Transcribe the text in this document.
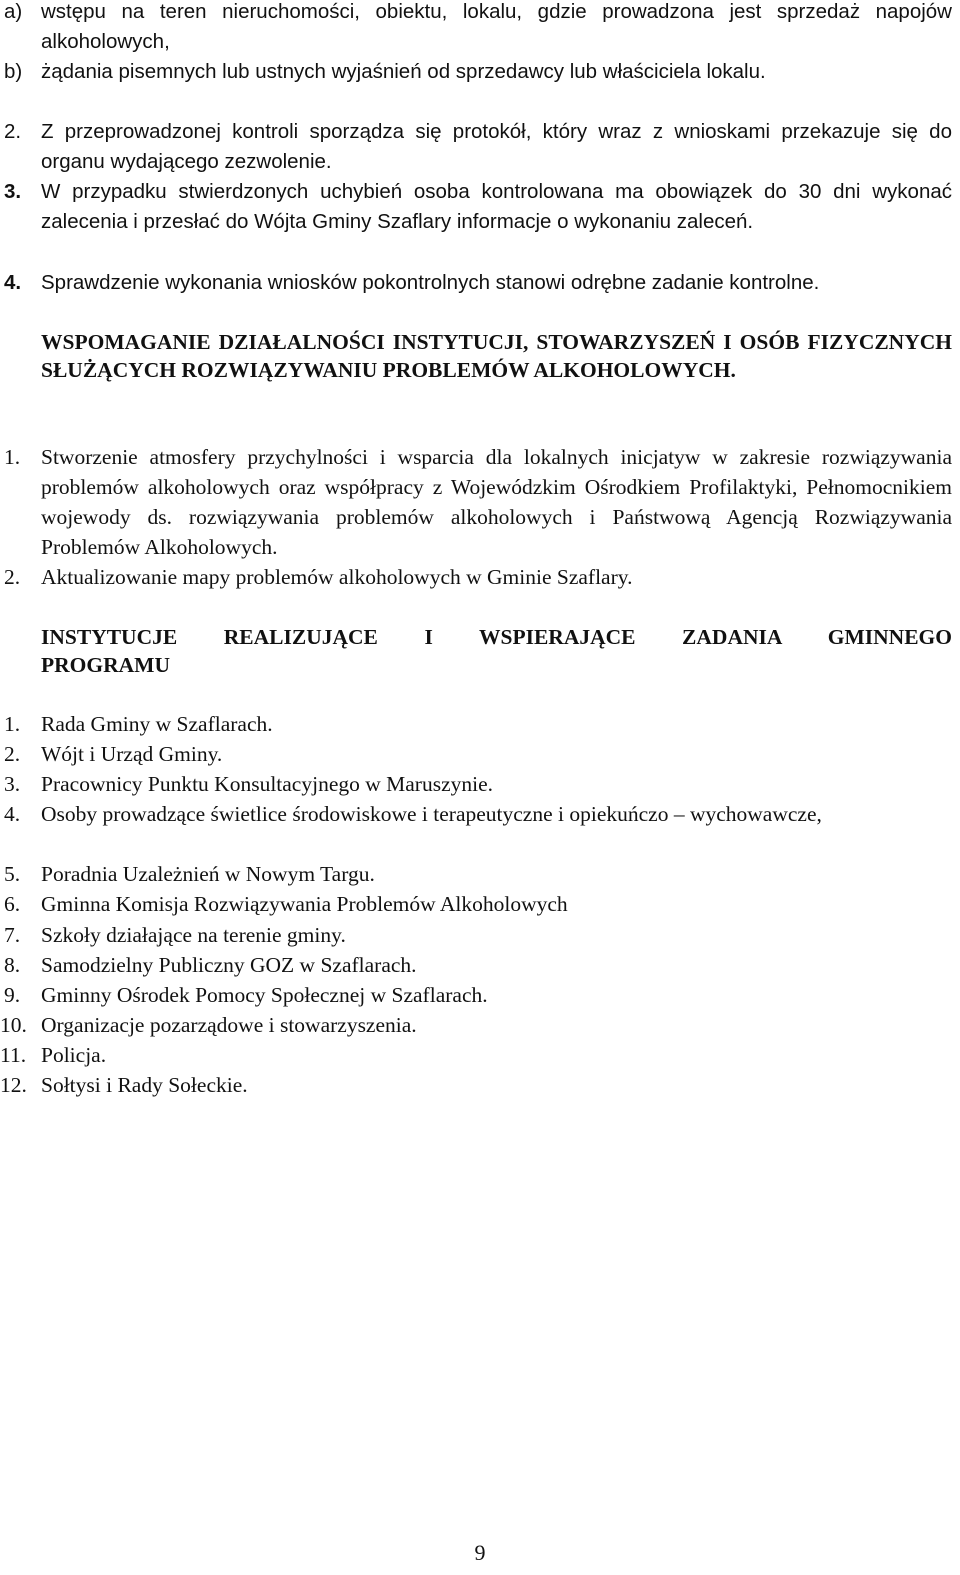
a) wstępu na teren nieruchomości, obiektu, lokalu, gdzie prowadzona jest sprzedaż napojów alkoholowych,
b) żądania pisemnych lub ustnych wyjaśnień od sprzedawcy lub właściciela lokalu.
2. Z przeprowadzonej kontroli sporządza się protokół, który wraz z wnioskami przekazuje się do organu wydającego zezwolenie.
3. W przypadku stwierdzonych uchybień osoba kontrolowana ma obowiązek do 30 dni wykonać zalecenia i przesłać do Wójta Gminy Szaflary informacje o wykonaniu zaleceń.
4. Sprawdzenie wykonania wniosków pokontrolnych stanowi odrębne zadanie kontrolne.
WSPOMAGANIE DZIAŁALNOŚCI INSTYTUCJI, STOWARZYSZEŃ I OSÓB FIZYCZNYCH SŁUŻĄCYCH ROZWIĄZYWANIU PROBLEMÓW ALKOHOLOWYCH.
1. Stworzenie atmosfery przychylności i wsparcia dla lokalnych inicjatyw w zakresie rozwiązywania problemów alkoholowych oraz współpracy z Wojewódzkim Ośrodkiem Profilaktyki, Pełnomocnikiem wojewody ds. rozwiązywania problemów alkoholowych i Państwową Agencją Rozwiązywania Problemów Alkoholowych.
2. Aktualizowanie mapy problemów alkoholowych w Gminie Szaflary.
INSTYTUCJE REALIZUJĄCE I WSPIERAJĄCE ZADANIA GMINNEGO PROGRAMU
1. Rada Gminy w Szaflarach.
2. Wójt i Urząd Gminy.
3. Pracownicy Punktu Konsultacyjnego w Maruszynie.
4. Osoby prowadzące świetlice środowiskowe i terapeutyczne i opiekuńczo – wychowawcze,
5. Poradnia Uzależnień w Nowym Targu.
6. Gminna Komisja Rozwiązywania Problemów Alkoholowych
7. Szkoły działające na terenie gminy.
8. Samodzielny Publiczny GOZ w Szaflarach.
9. Gminny Ośrodek Pomocy Społecznej w Szaflarach.
10. Organizacje pozarządowe i stowarzyszenia.
11. Policja.
12. Sołtysi i Rady Sołeckie.
9
